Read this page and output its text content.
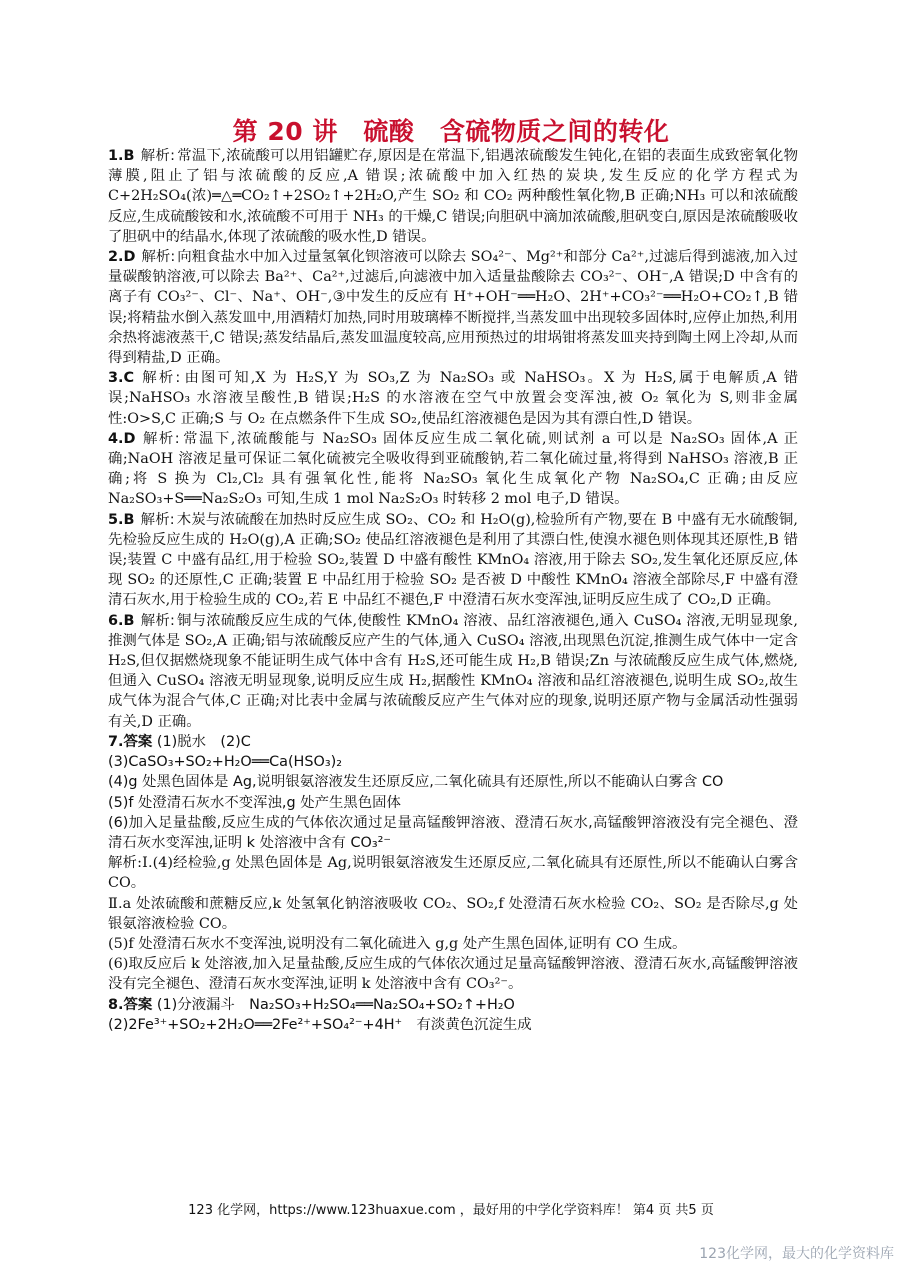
第 20 讲　硫酸　含硫物质之间的转化

1.B 解析: 常温下,浓硫酸可以用铝罐贮存,原因是在常温下,铝遇浓硫酸发生钝化,在铝的表面生成致密氧化物薄膜,阻止了铝与浓硫酸的反应,A 错误;浓硫酸中加入红热的炭块,发生反应的化学方程式为 C+2H₂SO₄(浓)═△═CO₂↑+2SO₂↑+2H₂O,产生 SO₂ 和 CO₂ 两种酸性氧化物,B 正确;NH₃ 可以和浓硫酸反应,生成硫酸铵和水,浓硫酸不可用于 NH₃ 的干燥,C 错误;向胆矾中滴加浓硫酸,胆矾变白,原因是浓硫酸吸收了胆矾中的结晶水,体现了浓硫酸的吸水性,D 错误。

2.D 解析: 向粗食盐水中加入过量氢氧化钡溶液可以除去 SO₄²⁻、Mg²⁺和部分 Ca²⁺,过滤后得到滤液,加入过量碳酸钠溶液,可以除去 Ba²⁺、Ca²⁺,过滤后,向滤液中加入适量盐酸除去 CO₃²⁻、OH⁻,A 错误;D 中含有的离子有 CO₃²⁻、Cl⁻、Na⁺、OH⁻,③中发生的反应有 H⁺+OH⁻══H₂O、2H⁺+CO₃²⁻══H₂O+CO₂↑,B 错误;将精盐水倒入蒸发皿中,用酒精灯加热,同时用玻璃棒不断搅拌,当蒸发皿中出现较多固体时,应停止加热,利用余热将滤液蒸干,C 错误;蒸发结晶后,蒸发皿温度较高,应用预热过的坩埚钳将蒸发皿夹持到陶土网上冷却,从而得到精盐,D 正确。

3.C 解析: 由图可知,X 为 H₂S,Y 为 SO₃,Z 为 Na₂SO₃ 或 NaHSO₃。X 为 H₂S,属于电解质,A 错误;NaHSO₃ 水溶液呈酸性,B 错误;H₂S 的水溶液在空气中放置会变浑浊,被 O₂ 氧化为 S,则非金属性:O>S,C 正确;S 与 O₂ 在点燃条件下生成 SO₂,使品红溶液褪色是因为其有漂白性,D 错误。

4.D 解析: 常温下,浓硫酸能与 Na₂SO₃ 固体反应生成二氧化硫,则试剂 a 可以是 Na₂SO₃ 固体,A 正确;NaOH 溶液足量可保证二氧化硫被完全吸收得到亚硫酸钠,若二氧化硫过量,将得到 NaHSO₃ 溶液,B 正确;将 S 换为 Cl₂,Cl₂ 具有强氧化性,能将 Na₂SO₃ 氧化生成氧化产物 Na₂SO₄,C 正确;由反应 Na₂SO₃+S══Na₂S₂O₃ 可知,生成 1 mol Na₂S₂O₃ 时转移 2 mol 电子,D 错误。

5.B 解析: 木炭与浓硫酸在加热时反应生成 SO₂、CO₂ 和 H₂O(g),检验所有产物,要在 B 中盛有无水硫酸铜,先检验反应生成的 H₂O(g),A 正确;SO₂ 使品红溶液褪色是利用了其漂白性,使溴水褪色则体现其还原性,B 错误;装置 C 中盛有品红,用于检验 SO₂,装置 D 中盛有酸性 KMnO₄ 溶液,用于除去 SO₂,发生氧化还原反应,体现 SO₂ 的还原性,C 正确;装置 E 中品红用于检验 SO₂ 是否被 D 中酸性 KMnO₄ 溶液全部除尽,F 中盛有澄清石灰水,用于检验生成的 CO₂,若 E 中品红不褪色,F 中澄清石灰水变浑浊,证明反应生成了 CO₂,D 正确。

6.B 解析: 铜与浓硫酸反应生成的气体,使酸性 KMnO₄ 溶液、品红溶液褪色,通入 CuSO₄ 溶液,无明显现象,推测气体是 SO₂,A 正确;铝与浓硫酸反应产生的气体,通入 CuSO₄ 溶液,出现黑色沉淀,推测生成气体中一定含 H₂S,但仅据燃烧现象不能证明生成气体中含有 H₂S,还可能生成 H₂,B 错误;Zn 与浓硫酸反应生成气体,燃烧,但通入 CuSO₄ 溶液无明显现象,说明反应生成 H₂,据酸性 KMnO₄ 溶液和品红溶液褪色,说明生成 SO₂,故生成气体为混合气体,C 正确;对比表中金属与浓硫酸反应产生气体对应的现象,说明还原产物与金属活动性强弱有关,D 正确。

7.答案 (1)脱水　(2)C

(3)CaSO₃+SO₂+H₂O══Ca(HSO₃)₂

(4)g 处黑色固体是 Ag,说明银氨溶液发生还原反应,二氧化硫具有还原性,所以不能确认白雾含 CO

(5)f 处澄清石灰水不变浑浊,g 处产生黑色固体

(6)加入足量盐酸,反应生成的气体依次通过足量高锰酸钾溶液、澄清石灰水,高锰酸钾溶液没有完全褪色、澄清石灰水变浑浊,证明 k 处溶液中含有 CO₃²⁻

解析:Ⅰ.(4)经检验,g 处黑色固体是 Ag,说明银氨溶液发生还原反应,二氧化硫具有还原性,所以不能确认白雾含 CO。

Ⅱ.a 处浓硫酸和蔗糖反应,k 处氢氧化钠溶液吸收 CO₂、SO₂,f 处澄清石灰水检验 CO₂、SO₂ 是否除尽,g 处银氨溶液检验 CO。

(5)f 处澄清石灰水不变浑浊,说明没有二氧化硫进入 g,g 处产生黑色固体,证明有 CO 生成。

(6)取反应后 k 处溶液,加入足量盐酸,反应生成的气体依次通过足量高锰酸钾溶液、澄清石灰水,高锰酸钾溶液没有完全褪色、澄清石灰水变浑浊,证明 k 处溶液中含有 CO₃²⁻。

8.答案 (1)分液漏斗　Na₂SO₃+H₂SO₄══Na₂SO₄+SO₂↑+H₂O

(2)2Fe³⁺+SO₂+2H₂O══2Fe²⁺+SO₄²⁻+4H⁺　有淡黄色沉淀生成

123 化学网，https://www.123huaxue.com ，最好用的中学化学资料库！ 第4 页 共5 页
123化学网，最大的化学资料库
